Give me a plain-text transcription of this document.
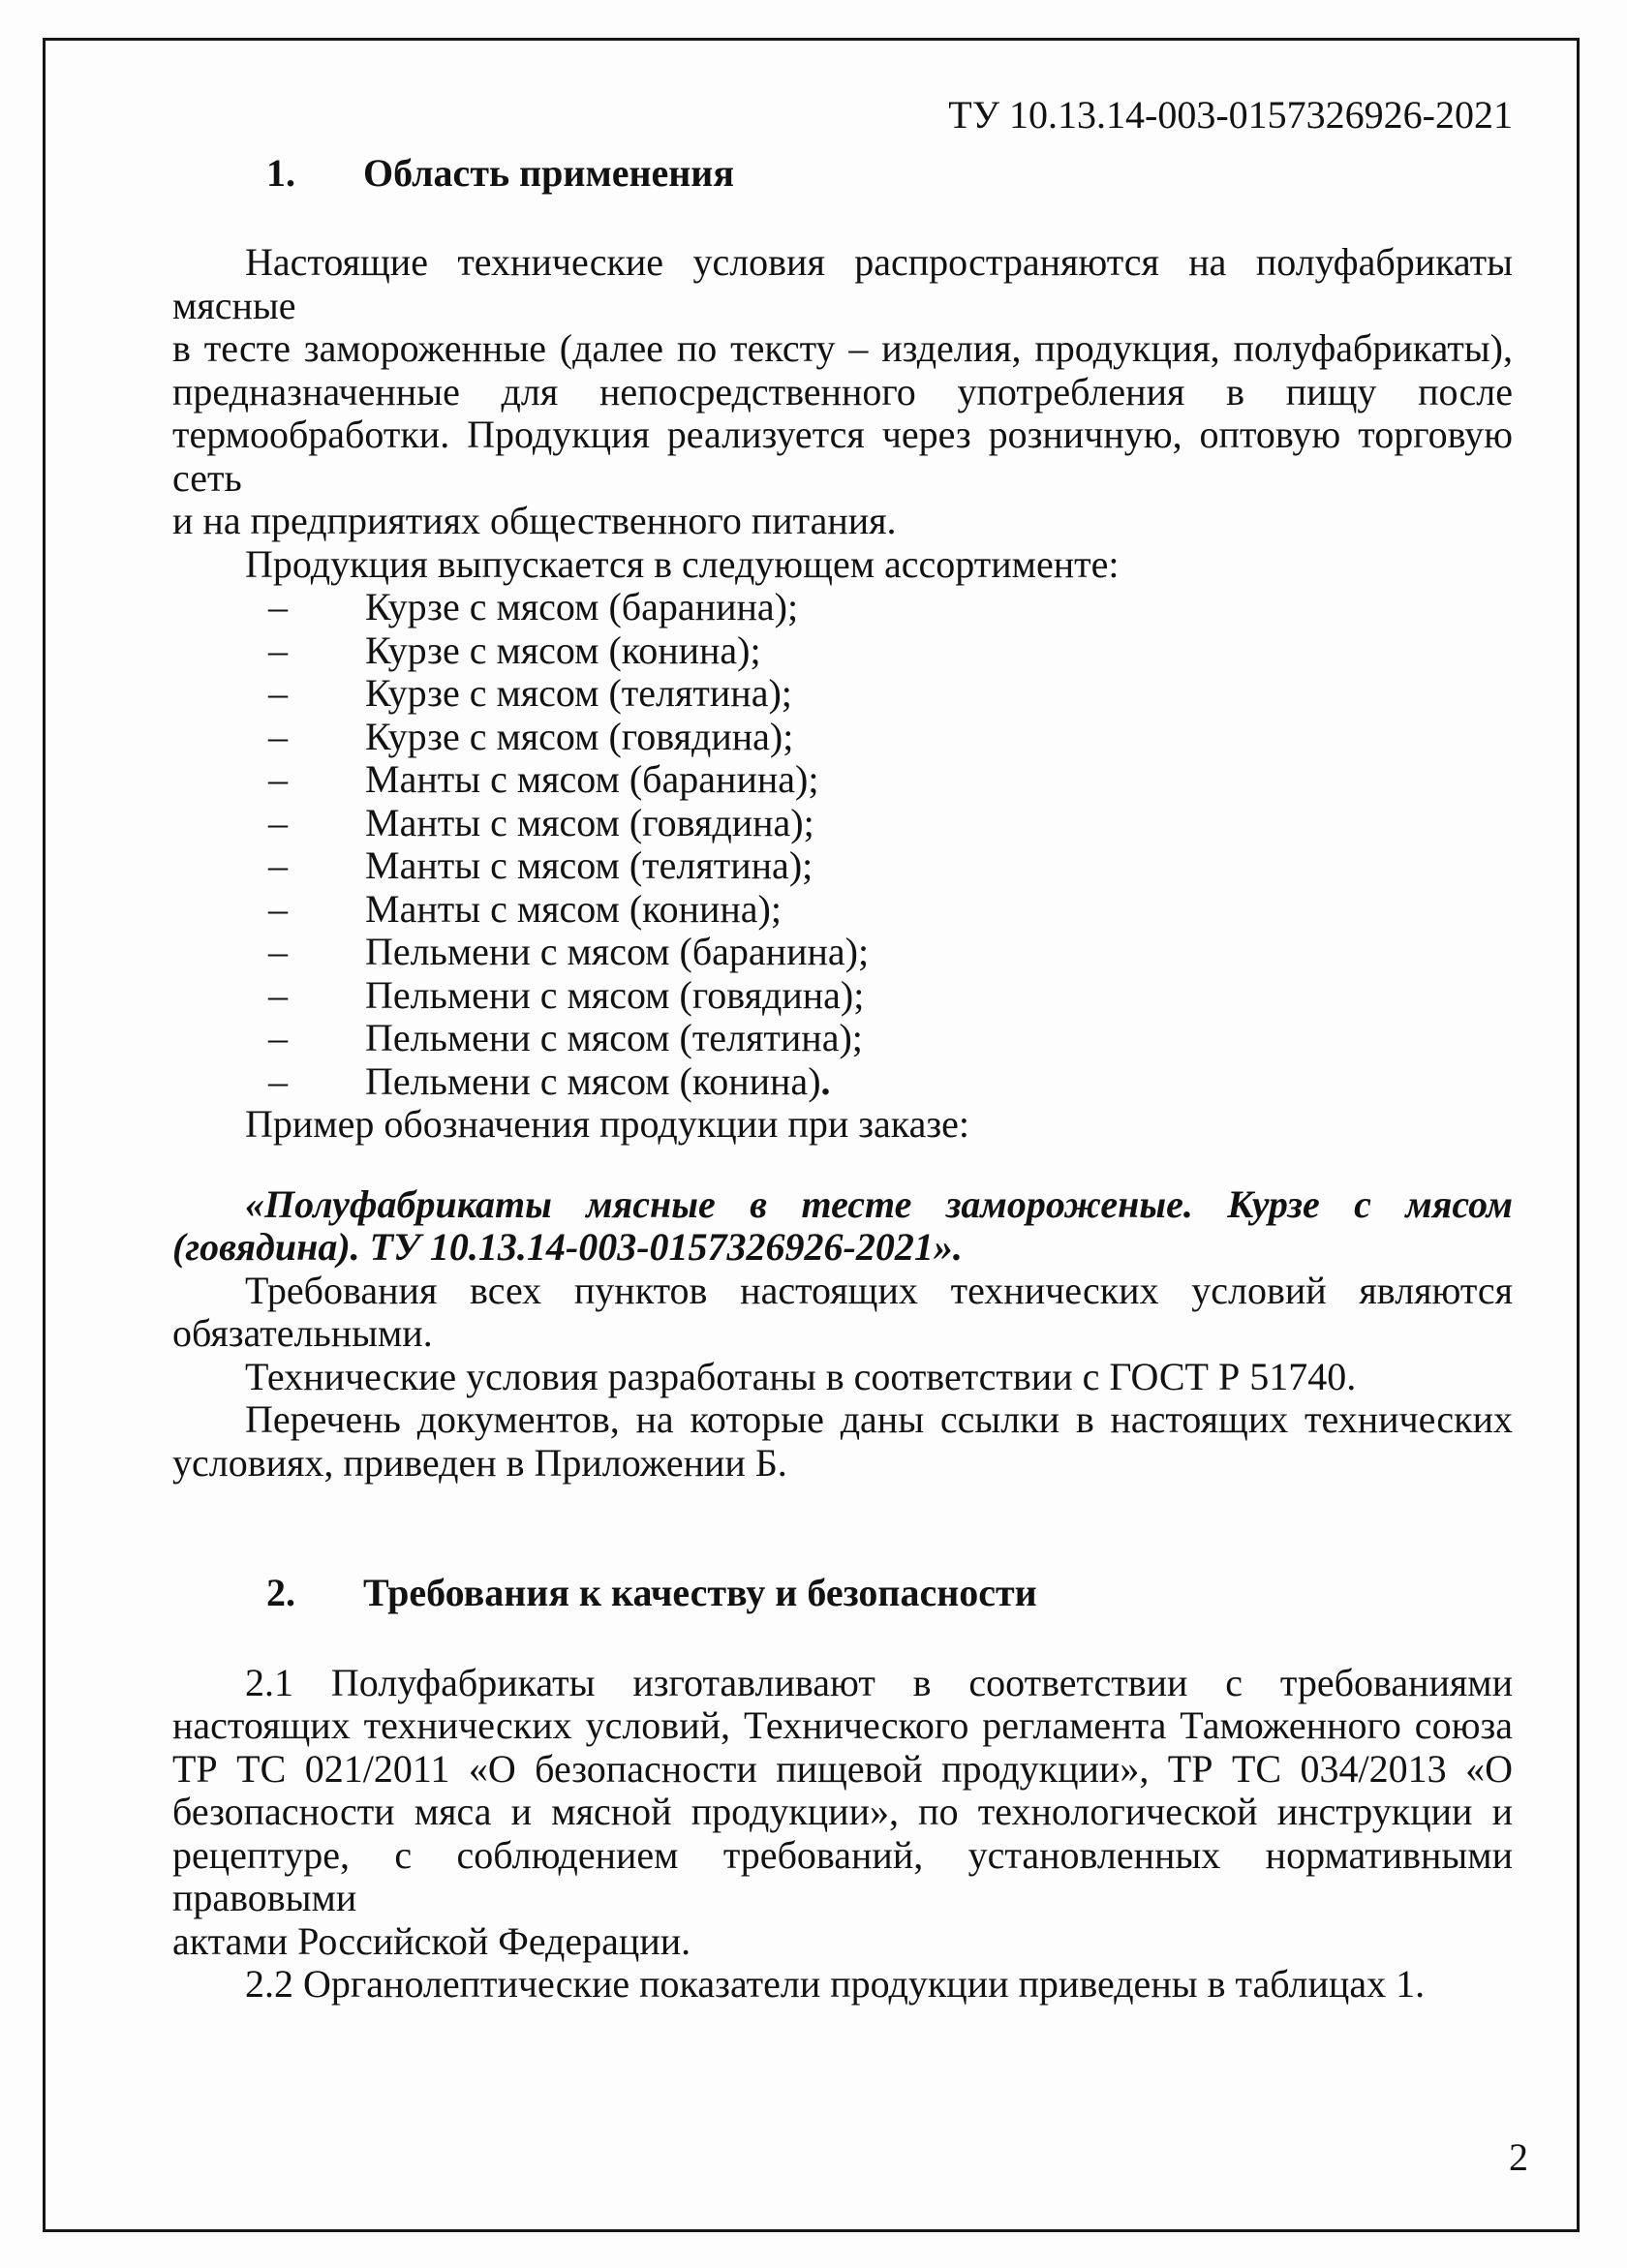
ТУ 10.13.14-003-0157326926-2021
1. Область применения
Настоящие технические условия распространяются на полуфабрикаты мясные
в тесте замороженные (далее по тексту – изделия, продукция, полуфабрикаты),
предназначенные для непосредственного употребления в пищу после
термообработки. Продукция реализуется через розничную, оптовую торговую сеть
и на предприятиях общественного питания.
Продукция выпускается в следующем ассортименте:
– Курзе с мясом (баранина);
– Курзе с мясом (конина);
– Курзе с мясом (телятина);
– Курзе с мясом (говядина);
– Манты с мясом (баранина);
– Манты с мясом (говядина);
– Манты с мясом (телятина);
– Манты с мясом (конина);
– Пельмени с мясом (баранина);
– Пельмени с мясом (говядина);
– Пельмени с мясом (телятина);
– Пельмени с мясом (конина).
Пример обозначения продукции при заказе:
«Полуфабрикаты мясные в тесте замороженые. Курзе с мясом
(говядина). ТУ 10.13.14-003-0157326926-2021».
Требования всех пунктов настоящих технических условий являются
обязательными.
Технические условия разработаны в соответствии с ГОСТ Р 51740.
Перечень документов, на которые даны ссылки в настоящих технических
условиях, приведен в Приложении Б.
2. Требования к качеству и безопасности
2.1 Полуфабрикаты изготавливают в соответствии с требованиями
настоящих технических условий, Технического регламента Таможенного союза
ТР ТС 021/2011 «О безопасности пищевой продукции», ТР ТС 034/2013 «О
безопасности мяса и мясной продукции», по технологической инструкции и
рецептуре, с соблюдением требований, установленных нормативными правовыми
актами Российской Федерации.
2.2 Органолептические показатели продукции приведены в таблицах 1.
2
